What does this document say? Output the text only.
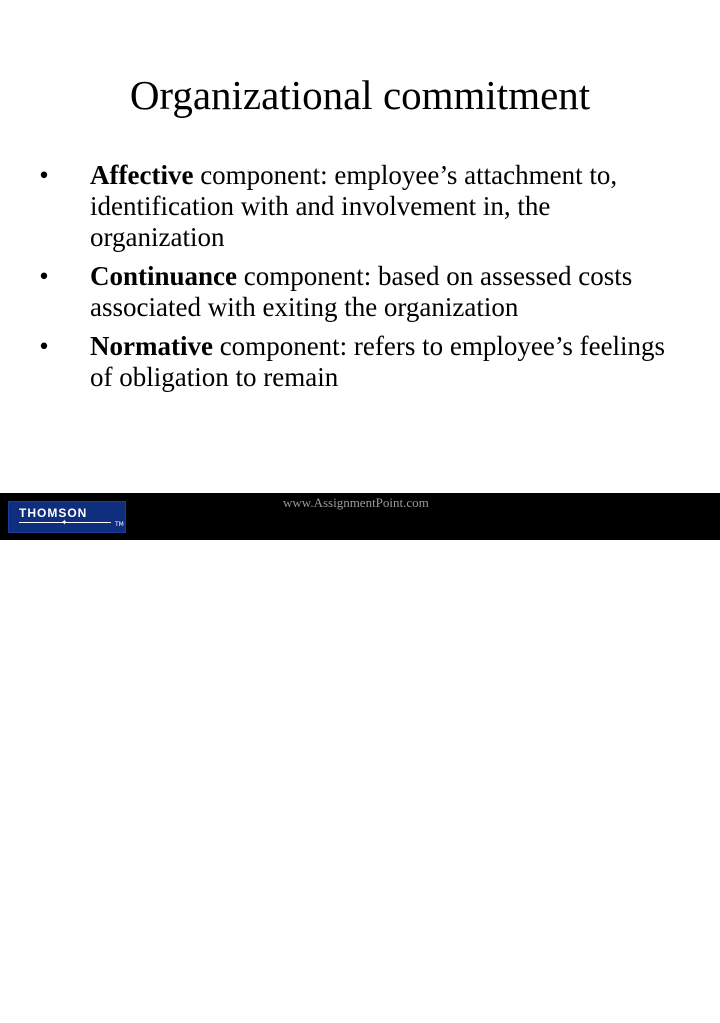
Organizational commitment
• Affective component: employee’s attachment to, identification with and involvement in, the organization
• Continuance component: based on assessed costs associated with exiting the organization
• Normative component: refers to employee’s feelings of obligation to remain
THOMSON
✦	TM
Use with International Human Resource Management ISBN 1-84480013-X
Published by Thomson Learning © Peter Dowling and Denice Welch
4/17
www.AssignmentPoint.com
